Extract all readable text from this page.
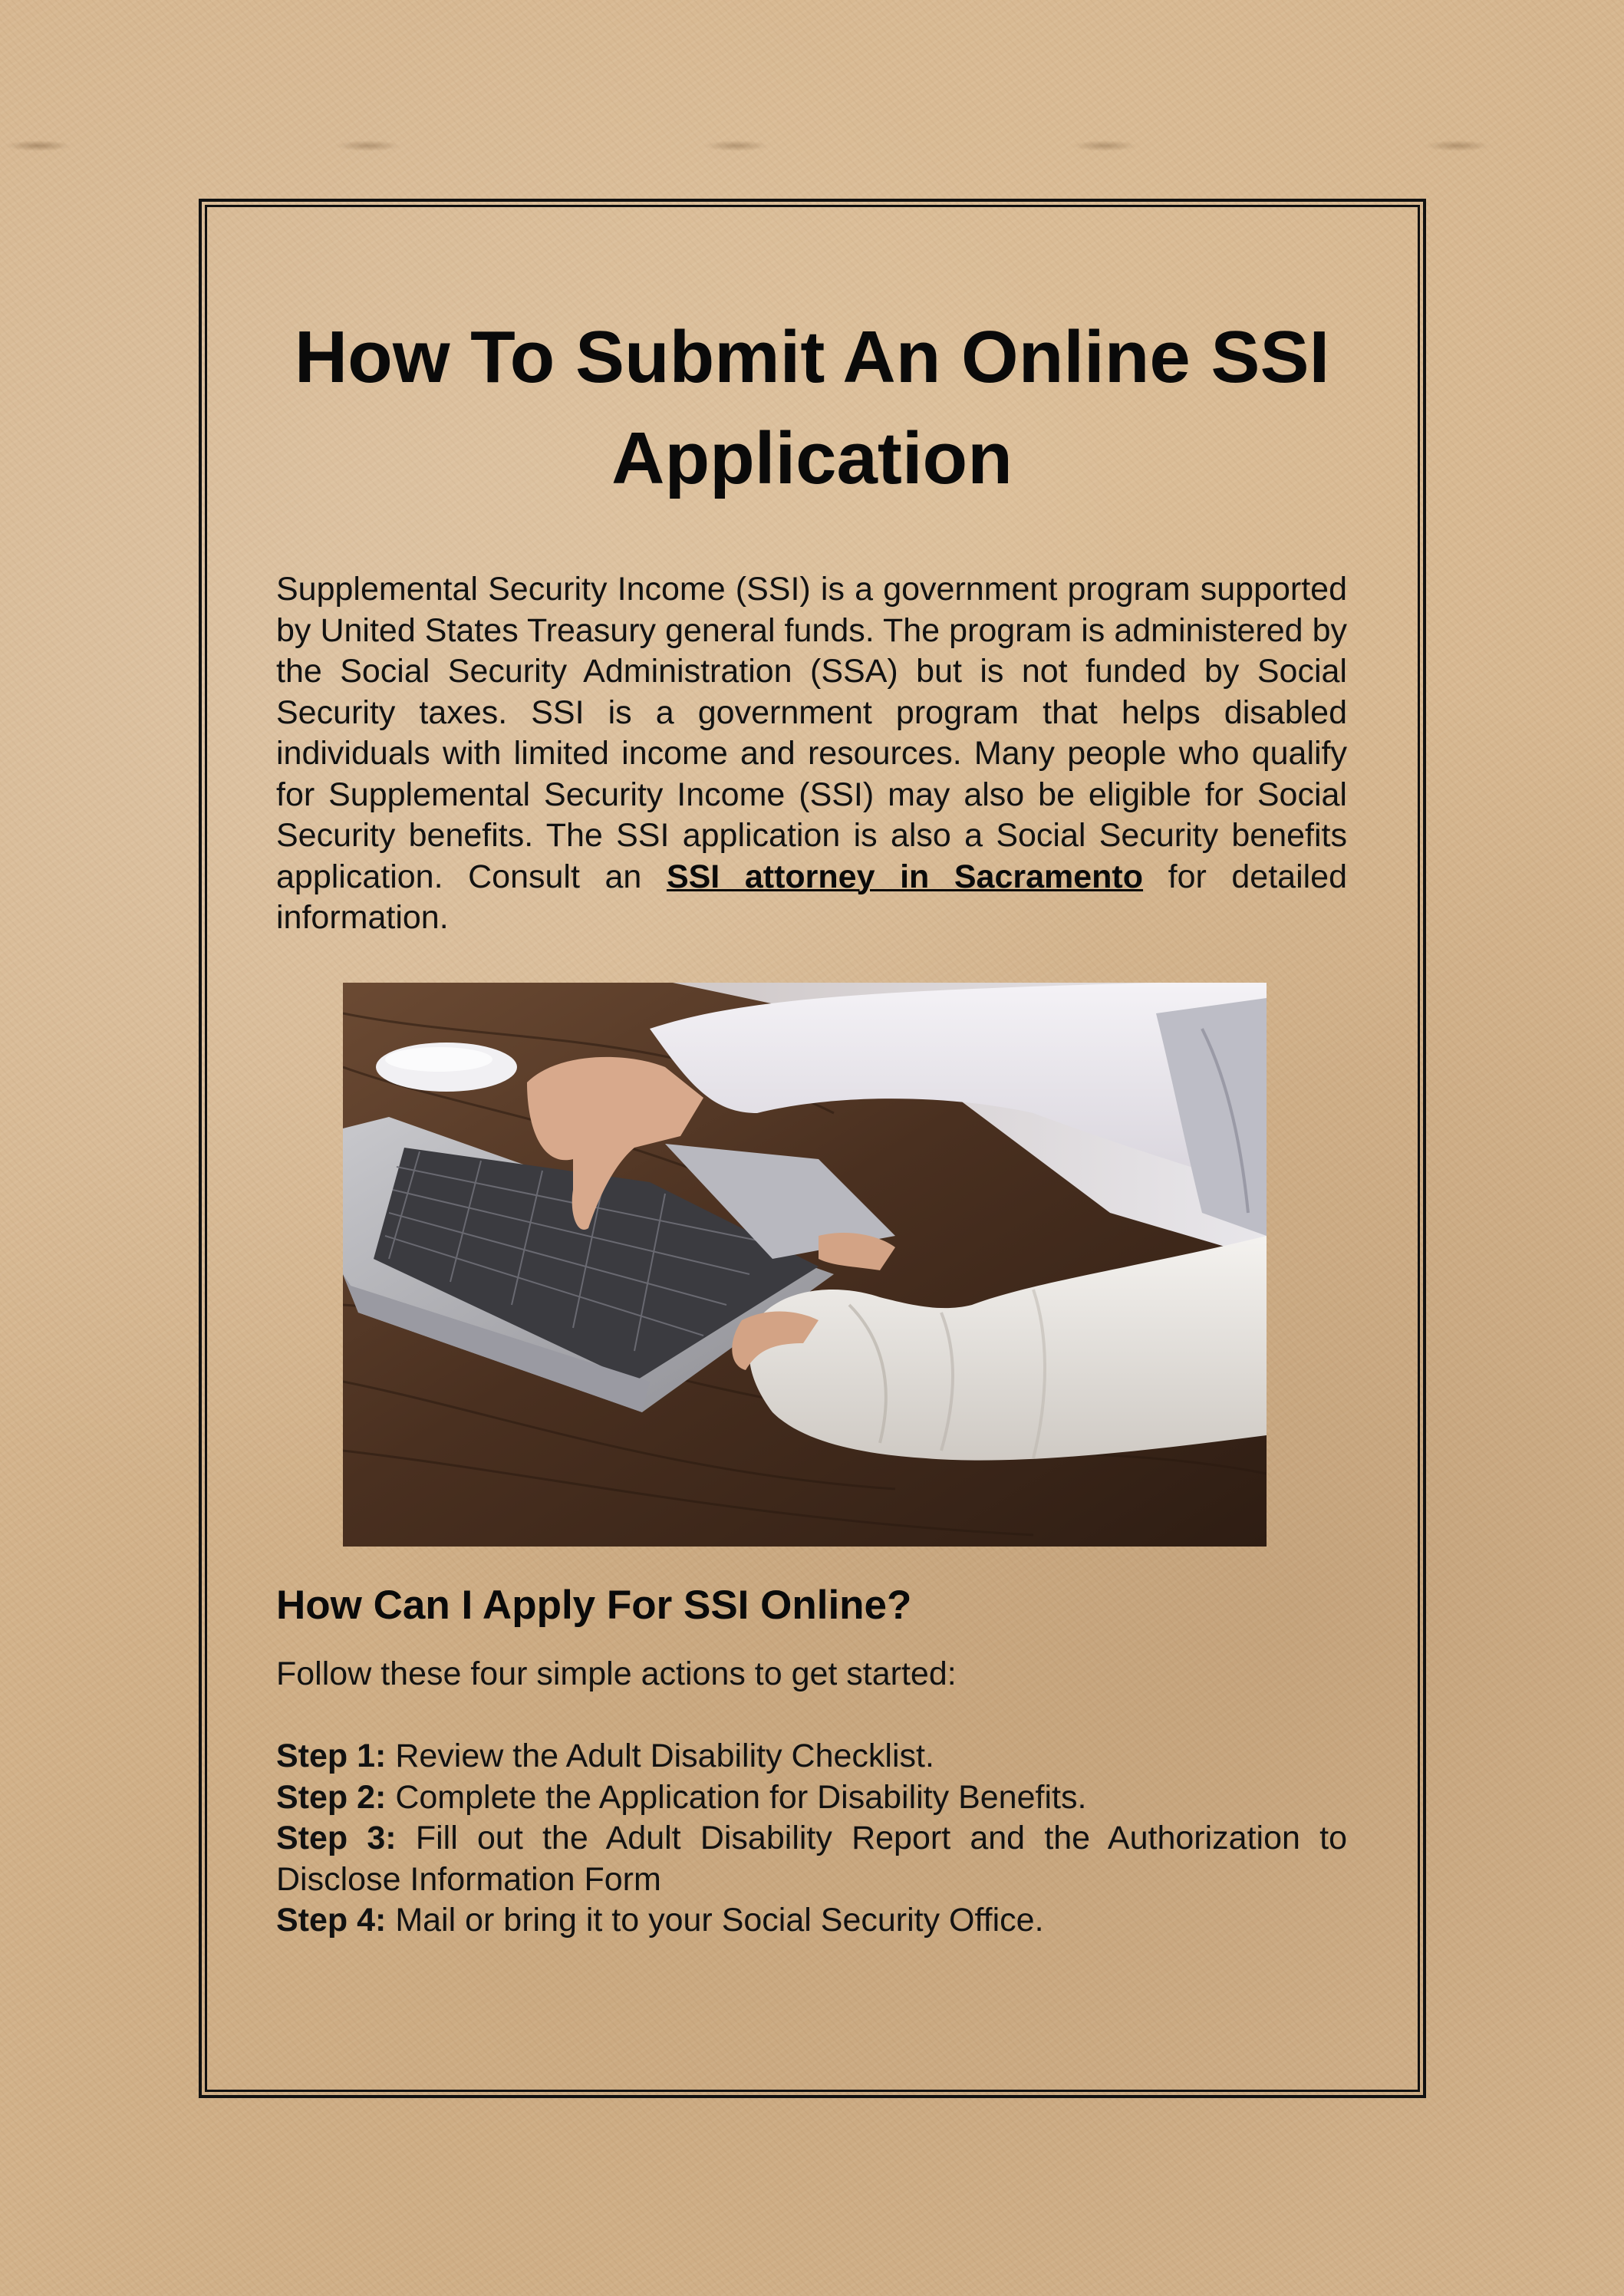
How To Submit An Online SSI Application

Supplemental Security Income (SSI) is a government program supported by United States Treasury general funds. The program is administered by the Social Security Administration (SSA) but is not funded by Social Security taxes. SSI is a government program that helps disabled individuals with limited income and resources. Many people who qualify for Supplemental Security Income (SSI) may also be eligible for Social Security benefits. The SSI application is also a Social Security benefits application. Consult an SSI attorney in Sacramento for detailed information.

How Can I Apply For SSI Online?

Follow these four simple actions to get started:

Step 1: Review the Adult Disability Checklist.
Step 2: Complete the Application for Disability Benefits.
Step 3: Fill out the Adult Disability Report and the Authorization to Disclose Information Form
Step 4: Mail or bring it to your Social Security Office.
